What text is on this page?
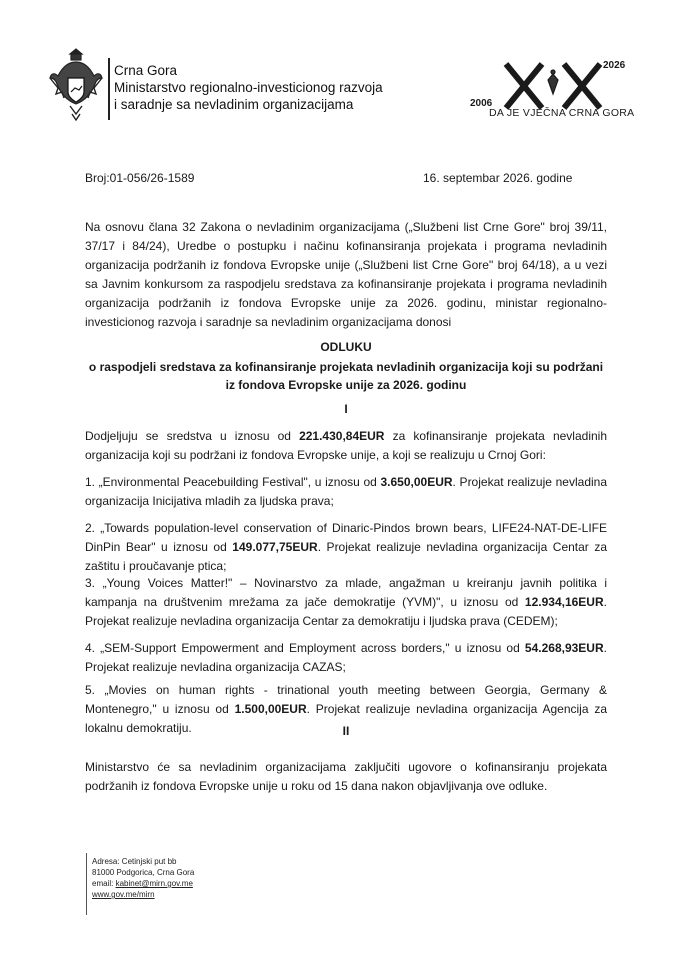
Crna Gora
Ministarstvo regionalno-investicionog razvoja
i saradnje sa nevladinim organizacijama	2006
2026
DA JE VJEČNA CRNA GORA
Broj:01-056/26-1589	16. septembar 2026. godine
Na osnovu člana 32 Zakona o nevladinim organizacijama („Službeni list Crne Gore" broj 39/11, 37/17 i 84/24), Uredbe o postupku i načinu kofinansiranja projekata i programa nevladinih organizacija podržanih iz fondova Evropske unije („Službeni list Crne Gore" broj 64/18), a u vezi sa Javnim konkursom za raspodjelu sredstava za kofinansiranje projekata i programa nevladinih organizacija podržanih iz fondova Evropske unije za 2026. godinu, ministar regionalno-investicionog razvoja i saradnje sa nevladinim organizacijama donosi
ODLUKU
o raspodjeli sredstava za kofinansiranje projekata nevladinih organizacija koji su podržani iz fondova Evropske unije za 2026. godinu
I
Dodjeljuju se sredstva u iznosu od 221.430,84EUR za kofinansiranje projekata nevladinih organizacija koji su podržani iz fondova Evropske unije, a koji se realizuju u Crnoj Gori:
1. „Environmental Peacebuilding Festival", u iznosu od 3.650,00EUR. Projekat realizuje nevladina organizacija Inicijativa mladih za ljudska prava;
2. „Towards population-level conservation of Dinaric-Pindos brown bears, LIFE24-NAT-DE-LIFE DinPin Bear" u iznosu od 149.077,75EUR. Projekat realizuje nevladina organizacija Centar za zaštitu i proučavanje ptica;
3. „Young Voices Matter!" – Novinarstvo za mlade, angažman u kreiranju javnih politika i kampanja na društvenim mrežama za jače demokratije (YVM)", u iznosu od 12.934,16EUR. Projekat realizuje nevladina organizacija Centar za demokratiju i ljudska prava (CEDEM);
4. „SEM-Support Empowerment and Employment across borders," u iznosu od 54.268,93EUR. Projekat realizuje nevladina organizacija CAZAS;
5. „Movies on human rights - trinational youth meeting between Georgia, Germany & Montenegro," u iznosu od 1.500,00EUR. Projekat realizuje nevladina organizacija Agencija za lokalnu demokratiju.	II
Ministarstvo će sa nevladinim organizacijama zaključiti ugovore o kofinansiranju projekata podržanih iz fondova Evropske unije u roku od 15 dana nakon objavljivanja ove odluke.
Adresa: Cetinjski put bb
81000 Podgorica, Crna Gora
email: kabinet@mirn.gov.me
www.gov.me/mirn
